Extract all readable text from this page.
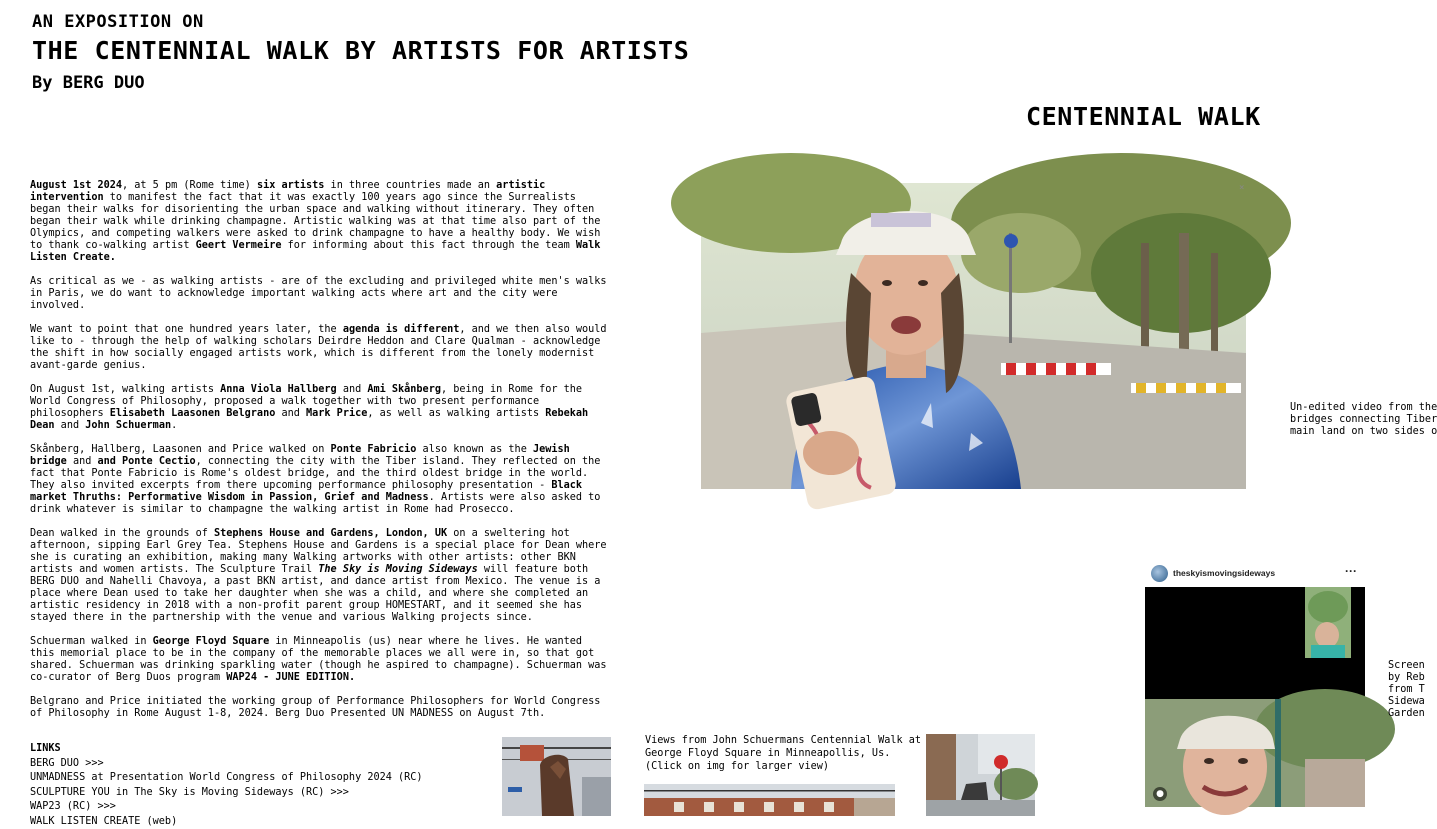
AN EXPOSITION ON
THE CENTENNIAL WALK BY ARTISTS FOR ARTISTS
By BERG DUO
CENTENNIAL WALK

August 1st 2024, at 5 pm (Rome time) six artists in three countries made an artistic intervention to manifest the fact that it was exactly 100 years ago since the Surrealists began their walks for disorienting the urban space and walking without itinerary. They often began their walk while drinking champagne. Artistic walking was at that time also part of the Olympics, and competing walkers were asked to drink champagne to have a healthy body. We wish to thank co-walking artist Geert Vermeire for informing about this fact through the team Walk Listen Create.

As critical as we - as walking artists - are of the excluding and privileged white men's walks in Paris, we do want to acknowledge important walking acts where art and the city were involved.

We want to point that one hundred years later, the agenda is different, and we then also would like to - through the help of walking scholars Deirdre Heddon and Clare Qualman - acknowledge the shift in how socially engaged artists work, which is different from the lonely modernist avant-garde genius.

On August 1st, walking artists Anna Viola Hallberg and Ami Skånberg, being in Rome for the World Congress of Philosophy, proposed a walk together with two present performance philosophers Elisabeth Laasonen Belgrano and Mark Price, as well as walking artists Rebekah Dean and John Schuerman.

Skånberg, Hallberg, Laasonen and Price walked on Ponte Fabricio also known as the Jewish bridge and and Ponte Cectio, connecting the city with the Tiber island. They reflected on the fact that Ponte Fabricio is Rome's oldest bridge, and the third oldest bridge in the world. They also invited excerpts from there upcoming performance philosophy presentation - Black market Thruths: Performative Wisdom in Passion, Grief and Madness. Artists were also asked to drink whatever is similar to champagne the walking artist in Rome had Prosecco.

Dean walked in the grounds of Stephens House and Gardens, London, UK on a sweltering hot afternoon, sipping Earl Grey Tea. Stephens House and Gardens is a special place for Dean where she is curating an exhibition, making many Walking artworks with other artists: other BKN artists and women artists. The Sculpture Trail The Sky is Moving Sideways will feature both BERG DUO and Nahelli Chavoya, a past BKN artist, and dance artist from Mexico. The venue is a place where Dean used to take her daughter when she was a child, and where she completed an artistic residency in 2018 with a non-profit parent group HOMESTART, and it seemed she has stayed there in the partnership with the venue and various Walking projects since.

Schuerman walked in George Floyd Square in Minneapolis (us) near where he lives. He wanted this memorial place to be in the company of the memorable places we all were in, so that got shared. Schuerman was drinking sparkling water (though he aspired to champagne). Schuerman was co-curator of Berg Duos program WAP24 - JUNE EDITION.

Belgrano and Price initiated the working group of Performance Philosophers for World Congress of Philosophy in Rome August 1-8, 2024. Berg Duo Presented UN MADNESS on August 7th.

LINKS
BERG DUO >>>
UNMADNESS at Presentation World Congress of Philosophy 2024 (RC)
SCULPTURE YOU in The Sky is Moving Sideways (RC) >>>
WAP23 (RC) >>>
WALK LISTEN CREATE (web)
×
Un-edited video from the
bridges connecting Tiber
main land on two sides o
theskyismovingsideways	···
●
Screen
by Reb
from T
Sidewa
Garden
Views from John Schuermans Centennial Walk at
George Floyd Square in Minneapollis, Us.
(Click on img for larger view)
